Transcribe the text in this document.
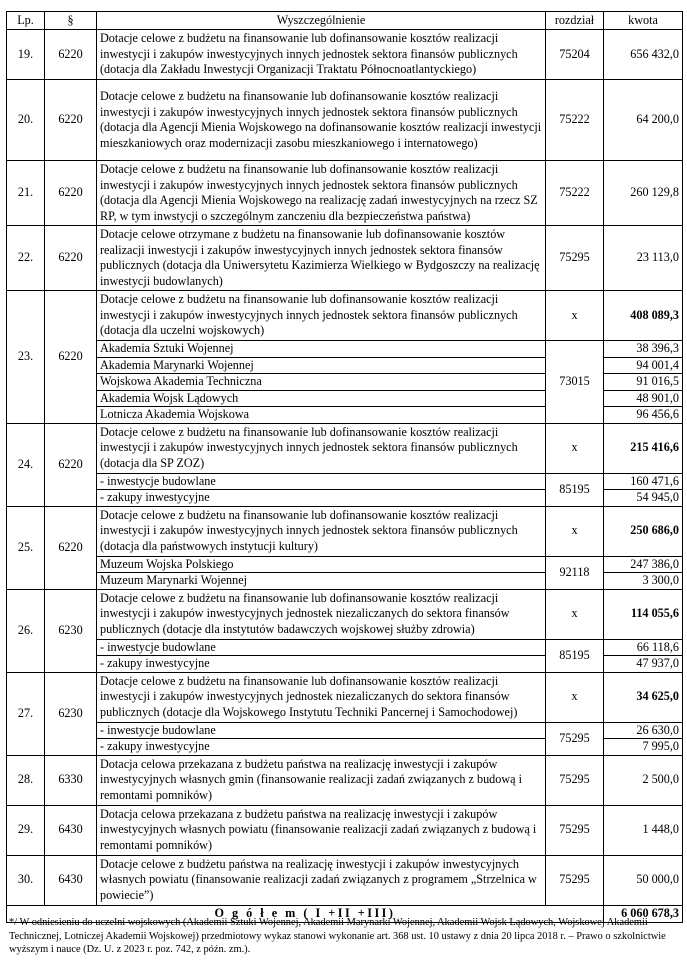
Lp.	§	Wyszczególnienie	rozdział	kwota
19.	6220	Dotacje celowe z budżetu na finansowanie lub dofinansowanie kosztów realizacji inwestycji i zakupów inwestycyjnych innych jednostek sektora finansów publicznych (dotacja dla Zakładu Inwestycji Organizacji Traktatu Północnoatlantyckiego)	75204	656 432,0
20.	6220	Dotacje celowe z budżetu na finansowanie lub dofinansowanie kosztów realizacji inwestycji i zakupów inwestycyjnych innych jednostek sektora finansów publicznych (dotacja dla Agencji Mienia Wojskowego na dofinansowanie kosztów realizacji inwestycji mieszkaniowych oraz modernizacji zasobu mieszkaniowego i internatowego)	75222	64 200,0
21.	6220	Dotacje celowe z budżetu na finansowanie lub dofinansowanie kosztów realizacji inwestycji i zakupów inwestycyjnych innych jednostek sektora finansów publicznych (dotacja dla Agencji Mienia Wojskowego na realizację zadań inwestycyjnych na rzecz SZ RP, w tym inwstycji o szczególnym zanczeniu dla bezpieczeństwa państwa)	75222	260 129,8
22.	6220	Dotacje celowe otrzymane z budżetu na finansowanie lub dofinansowanie kosztów realizacji inwestycji i zakupów inwestycyjnych innych jednostek sektora finansów publicznych (dotacja dla Uniwersytetu Kazimierza Wielkiego w Bydgoszczy na realizację inwestycji budowlanych)	75295	23 113,0
23.	6220	Dotacje celowe z budżetu na finansowanie lub dofinansowanie kosztów realizacji inwestycji i zakupów inwestycyjnych innych jednostek sektora finansów publicznych (dotacja dla uczelni wojskowych)	x	408 089,3
		Akademia Sztuki Wojennej	73015	38 396,3
		Akademia Marynarki Wojennej		94 001,4
		Wojskowa Akademia Techniczna		91 016,5
		Akademia Wojsk Lądowych		48 901,0
		Lotnicza Akademia Wojskowa		96 456,6
24.	6220	Dotacje celowe z budżetu na finansowanie lub dofinansowanie kosztów realizacji inwestycji i zakupów inwestycyjnych innych jednostek sektora finansów publicznych (dotacja dla SP ZOZ)	x	215 416,6
		- inwestycje budowlane	85195	160 471,6
		- zakupy inwestycyjne		54 945,0
25.	6220	Dotacje celowe z budżetu na finansowanie lub dofinansowanie kosztów realizacji inwestycji i zakupów inwestycyjnych innych jednostek sektora finansów publicznych (dotacja dla państwowych instytucji kultury)	x	250 686,0
		Muzeum Wojska Polskiego	92118	247 386,0
		Muzeum Marynarki Wojennej		3 300,0
26.	6230	Dotacje celowe z budżetu na finansowanie lub dofinansowanie kosztów realizacji inwestycji i zakupów inwestycyjnych jednostek niezaliczanych do sektora finansów publicznych (dotacje dla instytutów badawczych wojskowej służby zdrowia)	x	114 055,6
		- inwestycje budowlane	85195	66 118,6
		- zakupy inwestycyjne		47 937,0
27.	6230	Dotacje celowe z budżetu na finansowanie lub dofinansowanie kosztów realizacji inwestycji i zakupów inwestycyjnych jednostek niezaliczanych do sektora finansów publicznych (dotacje dla Wojskowego Instytutu Techniki Pancernej i Samochodowej)	x	34 625,0
		- inwestycje budowlane	75295	26 630,0
		- zakupy inwestycyjne		7 995,0
28.	6330	Dotacja celowa przekazana z budżetu państwa na realizację inwestycji i zakupów inwestycyjnych własnych gmin (finansowanie realizacji zadań związanych z budową i remontami pomników)	75295	2 500,0
29.	6430	Dotacja celowa przekazana z budżetu państwa na realizację inwestycji i zakupów inwestycyjnych własnych powiatu (finansowanie realizacji zadań związanych z budową i remontami pomników)	75295	1 448,0
30.	6430	Dotacje celowe z budżetu państwa na realizację inwestycji i zakupów inwestycyjnych własnych powiatu (finansowanie realizacji zadań związanych z programem „Strzelnica w powiecie”)	75295	50 000,0
O g ó ł e m ( I +II +III)				6 060 678,3
*/ W odniesieniu do uczelni wojskowych (Akademii Sztuki Wojennej, Akademii Marynarki Wojennej, Akademii Wojsk Lądowych, Wojskowej Akademii Technicznej, Lotniczej Akademii Wojskowej) przedmiotowy wykaz stanowi wykonanie art. 368 ust. 10 ustawy z dnia 20 lipca 2018 r. – Prawo o szkolnictwie wyższym i nauce (Dz. U. z 2023 r. poz. 742, z późn. zm.).
